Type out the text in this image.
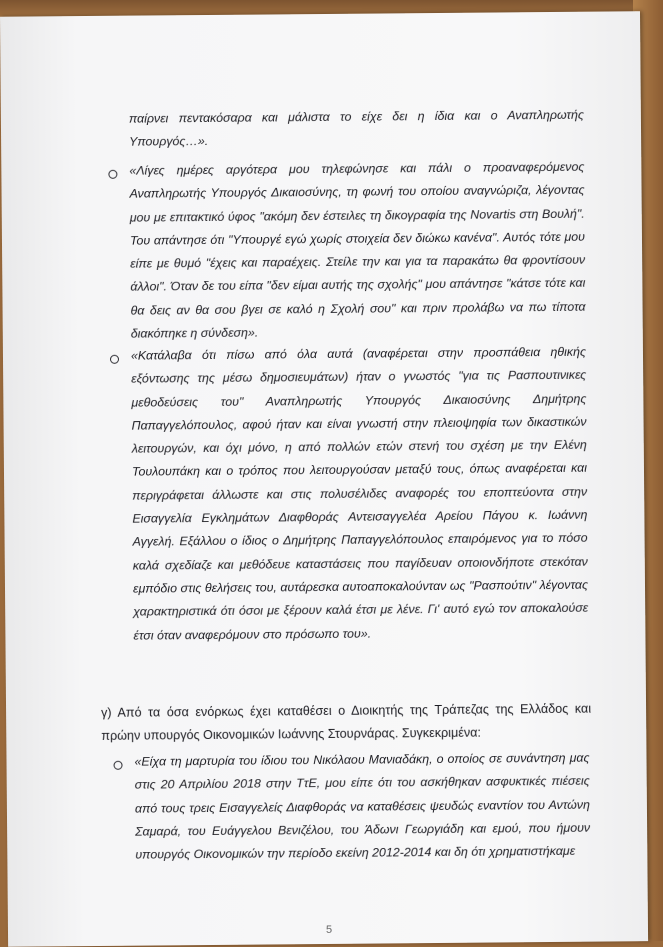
παίρνει πεντακόσαρα και μάλιστα το είχε δει η ίδια και ο Αναπληρωτής Υπουργός…».

«Λίγες ημέρες αργότερα μου τηλεφώνησε και πάλι ο προαναφερόμενος Αναπληρωτής Υπουργός Δικαιοσύνης, τη φωνή του οποίου αναγνώριζα, λέγοντας μου με επιτακτικό ύφος "ακόμη δεν έστειλες τη δικογραφία της Novartis στη Βουλή". Του απάντησε ότι "Υπουργέ εγώ χωρίς στοιχεία δεν διώκω κανένα". Αυτός τότε μου είπε με θυμό "έχεις και παραέχεις. Στείλε την και για τα παρακάτω θα φροντίσουν άλλοι". Όταν δε του είπα "δεν είμαι αυτής της σχολής" μου απάντησε "κάτσε τότε και θα δεις αν θα σου βγει σε καλό η Σχολή σου" και πριν προλάβω να πω τίποτα διακόπηκε η σύνδεση».

«Κατάλαβα ότι πίσω από όλα αυτά (αναφέρεται στην προσπάθεια ηθικής εξόντωσης της μέσω δημοσιευμάτων) ήταν ο γνωστός "για τις Ρασπουτινικες μεθοδεύσεις του" Αναπληρωτής Υπουργός Δικαιοσύνης Δημήτρης Παπαγγελόπουλος, αφού ήταν και είναι γνωστή στην πλειοψηφία των δικαστικών λειτουργών, και όχι μόνο, η από πολλών ετών στενή του σχέση με την Ελένη Τουλουπάκη και ο τρόπος που λειτουργούσαν μεταξύ τους, όπως αναφέρεται και περιγράφεται άλλωστε και στις πολυσέλιδες αναφορές του εποπτεύοντα στην Εισαγγελία Εγκλημάτων Διαφθοράς Αντεισαγγελέα Αρείου Πάγου κ. Ιωάννη Αγγελή. Εξάλλου ο ίδιος ο Δημήτρης Παπαγγελόπουλος επαιρόμενος για το πόσο καλά σχεδίαζε και μεθόδευε καταστάσεις που παγίδευαν οποιονδήποτε στεκόταν εμπόδιο στις θελήσεις του, αυτάρεσκα αυτοαποκαλούνταν ως "Ρασπούτιν" λέγοντας χαρακτηριστικά ότι όσοι με ξέρουν καλά έτσι με λένε. Γι' αυτό εγώ τον αποκαλούσε έτσι όταν αναφερόμουν στο πρόσωπο του».

γ) Από τα όσα ενόρκως έχει καταθέσει ο Διοικητής της Τράπεζας της Ελλάδος και πρώην υπουργός Οικονομικών Ιωάννης Στουρνάρας. Συγκεκριμένα:

«Είχα τη μαρτυρία του ίδιου του Νικόλαου Μανιαδάκη, ο οποίος σε συνάντηση μας στις 20 Απριλίου 2018 στην ΤτΕ, μου είπε ότι του ασκήθηκαν ασφυκτικές πιέσεις από τους τρεις Εισαγγελείς Διαφθοράς να καταθέσεις ψευδώς εναντίον του Αντώνη Σαμαρά, του Ευάγγελου Βενιζέλου, του Άδωνι Γεωργιάδη και εμού, που ήμουν υπουργός Οικονομικών την περίοδο εκείνη 2012-2014 και δη ότι χρηματιστήκαμε

5
